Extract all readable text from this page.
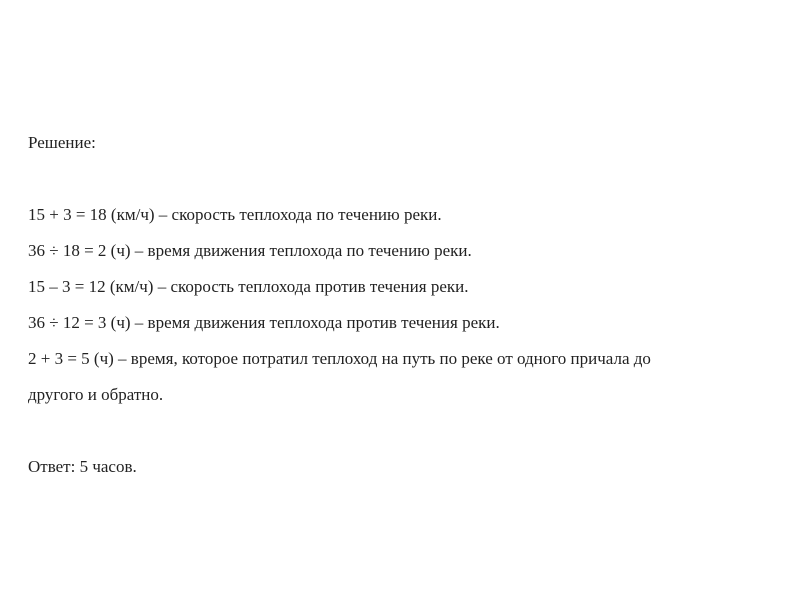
Решение:
15 + 3 = 18 (км/ч) – скорость теплохода по течению реки.
36 ÷ 18 = 2 (ч) – время движения теплохода по течению реки.
15 – 3 = 12 (км/ч) – скорость теплохода против течения реки.
36 ÷ 12 = 3 (ч) – время движения теплохода против течения реки.
2 + 3 = 5 (ч) – время, которое потратил теплоход на путь по реке от одного причала до
другого и обратно.
Ответ: 5 часов.
